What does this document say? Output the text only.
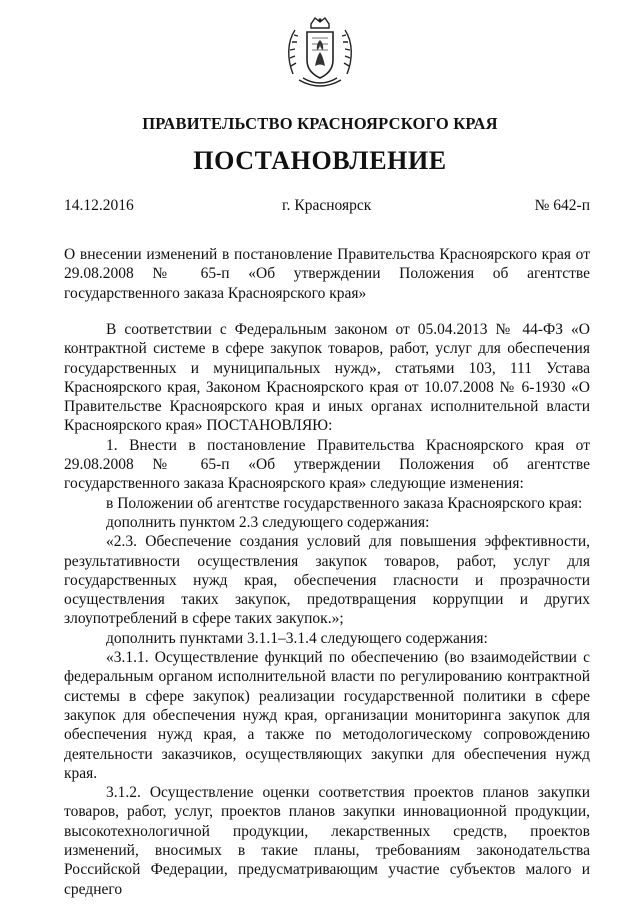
ПРАВИТЕЛЬСТВО КРАСНОЯРСКОГО КРАЯ
ПОСТАНОВЛЕНИЕ
14.12.2016	г. Красноярск	№ 642-п

О внесении изменений в постановление Правительства Красноярского края от 29.08.2008 № 65-п «Об утверждении Положения об агентстве государственного заказа Красноярского края»

В соответствии с Федеральным законом от 05.04.2013 № 44-ФЗ «О контрактной системе в сфере закупок товаров, работ, услуг для обеспечения государственных и муниципальных нужд», статьями 103, 111 Устава Красноярского края, Законом Красноярского края от 10.07.2008 № 6-1930 «О Правительстве Красноярского края и иных органах исполнительной власти Красноярского края» ПОСТАНОВЛЯЮ:

1. Внести в постановление Правительства Красноярского края от 29.08.2008 № 65-п «Об утверждении Положения об агентстве государственного заказа Красноярского края» следующие изменения:

в Положении об агентстве государственного заказа Красноярского края:

дополнить пунктом 2.3 следующего содержания:

«2.3. Обеспечение создания условий для повышения эффективности, результативности осуществления закупок товаров, работ, услуг для государственных нужд края, обеспечения гласности и прозрачности осуществления таких закупок, предотвращения коррупции и других злоупотреблений в сфере таких закупок.»;

дополнить пунктами 3.1.1–3.1.4 следующего содержания:

«3.1.1. Осуществление функций по обеспечению (во взаимодействии с федеральным органом исполнительной власти по регулированию контрактной системы в сфере закупок) реализации государственной политики в сфере закупок для обеспечения нужд края, организации мониторинга закупок для обеспечения нужд края, а также по методологическому сопровождению деятельности заказчиков, осуществляющих закупки для обеспечения нужд края.

3.1.2. Осуществление оценки соответствия проектов планов закупки товаров, работ, услуг, проектов планов закупки инновационной продукции, высокотехнологичной продукции, лекарственных средств, проектов изменений, вносимых в такие планы, требованиям законодательства Российской Федерации, предусматривающим участие субъектов малого и среднего
